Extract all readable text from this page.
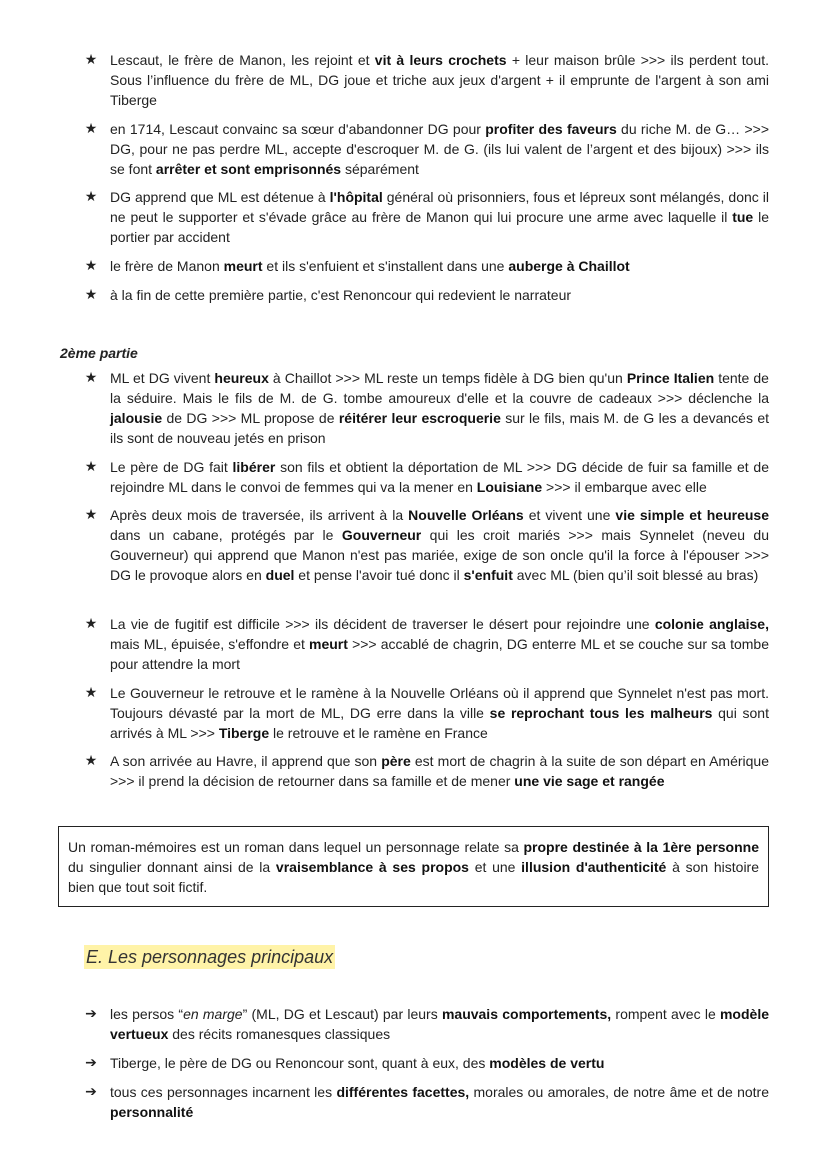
★ Lescaut, le frère de Manon, les rejoint et vit à leurs crochets + leur maison brûle >>> ils perdent tout. Sous l’influence du frère de ML, DG joue et triche aux jeux d'argent + il emprunte de l'argent à son ami Tiberge
★ en 1714, Lescaut convainc sa sœur d'abandonner DG pour profiter des faveurs du riche M. de G… >>> DG, pour ne pas perdre ML, accepte d'escroquer M. de G. (ils lui valent de l’argent et des bijoux) >>> ils se font arrêter et sont emprisonnés séparément
★ DG apprend que ML est détenue à l'hôpital général où prisonniers, fous et lépreux sont mélangés, donc il ne peut le supporter et s'évade grâce au frère de Manon qui lui procure une arme avec laquelle il tue le portier par accident
★ le frère de Manon meurt et ils s'enfuient et s'installent dans une auberge à Chaillot
★ à la fin de cette première partie, c'est Renoncour qui redevient le narrateur
2ème partie
★ ML et DG vivent heureux à Chaillot >>> ML reste un temps fidèle à DG bien qu'un Prince Italien tente de la séduire. Mais le fils de M. de G. tombe amoureux d'elle et la couvre de cadeaux >>> déclenche la jalousie de DG >>> ML propose de réitérer leur escroquerie sur le fils, mais M. de G les a devancés et ils sont de nouveau jetés en prison
★ Le père de DG fait libérer son fils et obtient la déportation de ML >>> DG décide de fuir sa famille et de rejoindre ML dans le convoi de femmes qui va la mener en Louisiane >>> il embarque avec elle
★ Après deux mois de traversée, ils arrivent à la Nouvelle Orléans et vivent une vie simple et heureuse dans un cabane, protégés par le Gouverneur qui les croit mariés >>> mais Synnelet (neveu du Gouverneur) qui apprend que Manon n'est pas mariée, exige de son oncle qu'il la force à l'épouser >>> DG le provoque alors en duel et pense l'avoir tué donc il s'enfuit avec ML (bien qu’il soit blessé au bras)
★ La vie de fugitif est difficile >>> ils décident de traverser le désert pour rejoindre une colonie anglaise, mais ML, épuisée, s'effondre et meurt >>> accablé de chagrin, DG enterre ML et se couche sur sa tombe pour attendre la mort
★ Le Gouverneur le retrouve et le ramène à la Nouvelle Orléans où il apprend que Synnelet n'est pas mort. Toujours dévasté par la mort de ML, DG erre dans la ville se reprochant tous les malheurs qui sont arrivés à ML >>> Tiberge le retrouve et le ramène en France
★ A son arrivée au Havre, il apprend que son père est mort de chagrin à la suite de son départ en Amérique >>> il prend la décision de retourner dans sa famille et de mener une vie sage et rangée
Un roman-mémoires est un roman dans lequel un personnage relate sa propre destinée à la 1ère personne du singulier donnant ainsi de la vraisemblance à ses propos et une illusion d'authenticité à son histoire bien que tout soit fictif.
E. Les personnages principaux
➔ les persos “en marge” (ML, DG et Lescaut) par leurs mauvais comportements, rompent avec le modèle vertueux des récits romanesques classiques
➔ Tiberge, le père de DG ou Renoncour sont, quant à eux, des modèles de vertu
➔ tous ces personnages incarnent les différentes facettes, morales ou amorales, de notre âme et de notre personnalité
